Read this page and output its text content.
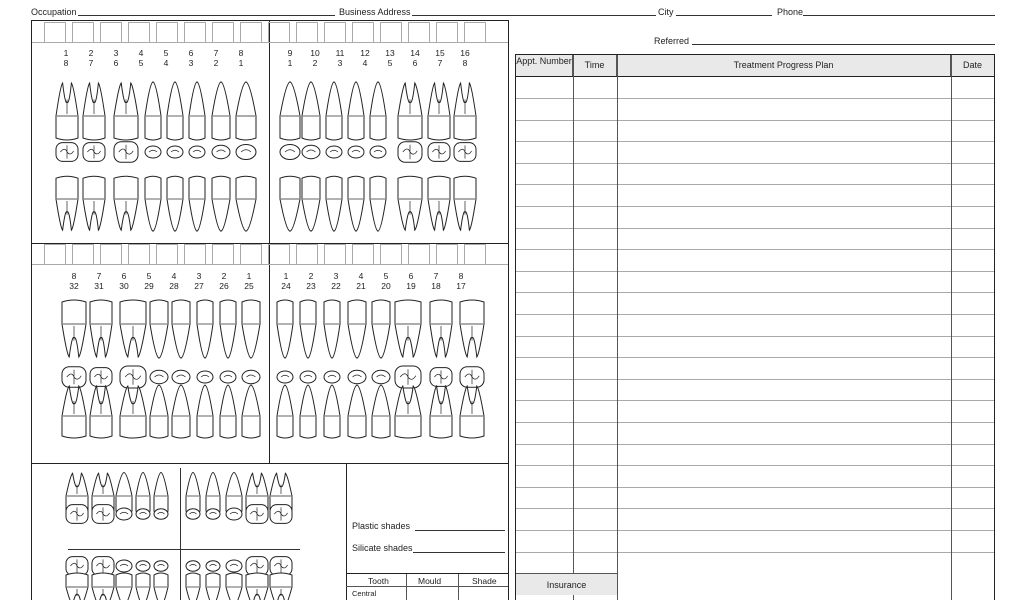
Occupation	Business Address	City	Phone
Referred
1	2	3	4	5	6	7	8
8	7	6	5	4	3	2	1
9	10	11	12	13	14	15	16
1	2	3	4	5	6	7	8
8	7	6	5	4	3	2	1
32	31	30	29	28	27	26	25
1	2	3	4	5	6	7	8
24	23	22	21	20	19	18	17
Plastic shades
Silicate shades
Tooth	Mould	Shade
Central
Appt. Number	Time	Treatment Progress Plan	Date
Insurance
